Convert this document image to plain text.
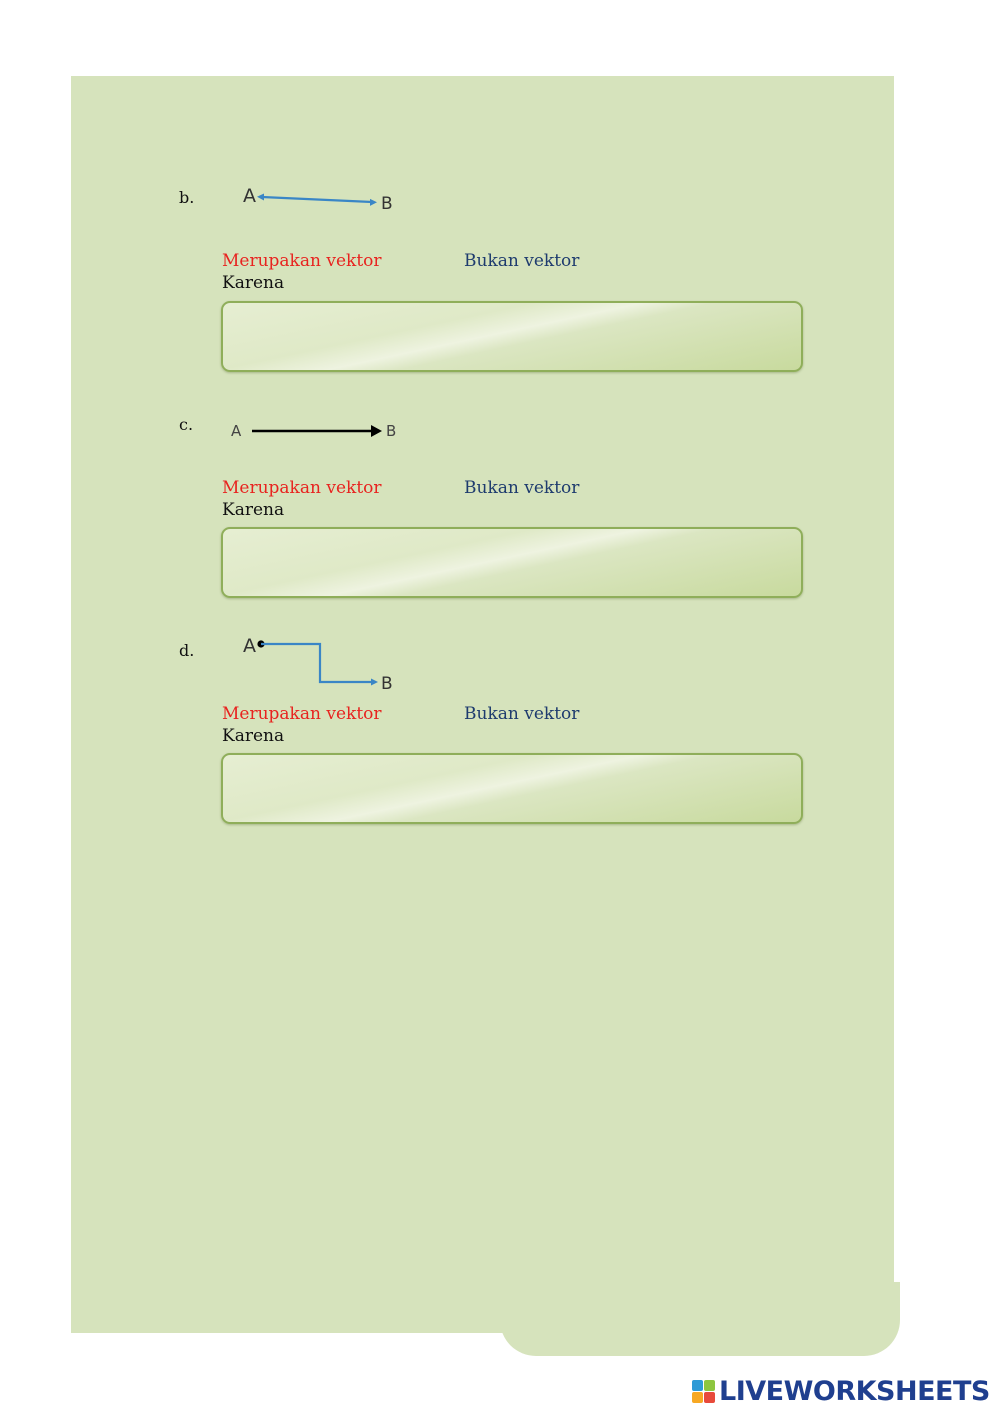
b.	A	B
Merupakan vektor	Bukan vektor
Karena
c.	A	B
Merupakan vektor	Bukan vektor
Karena
d.	A
B
Merupakan vektor	Bukan vektor
Karena
LIVEWORKSHEETS
